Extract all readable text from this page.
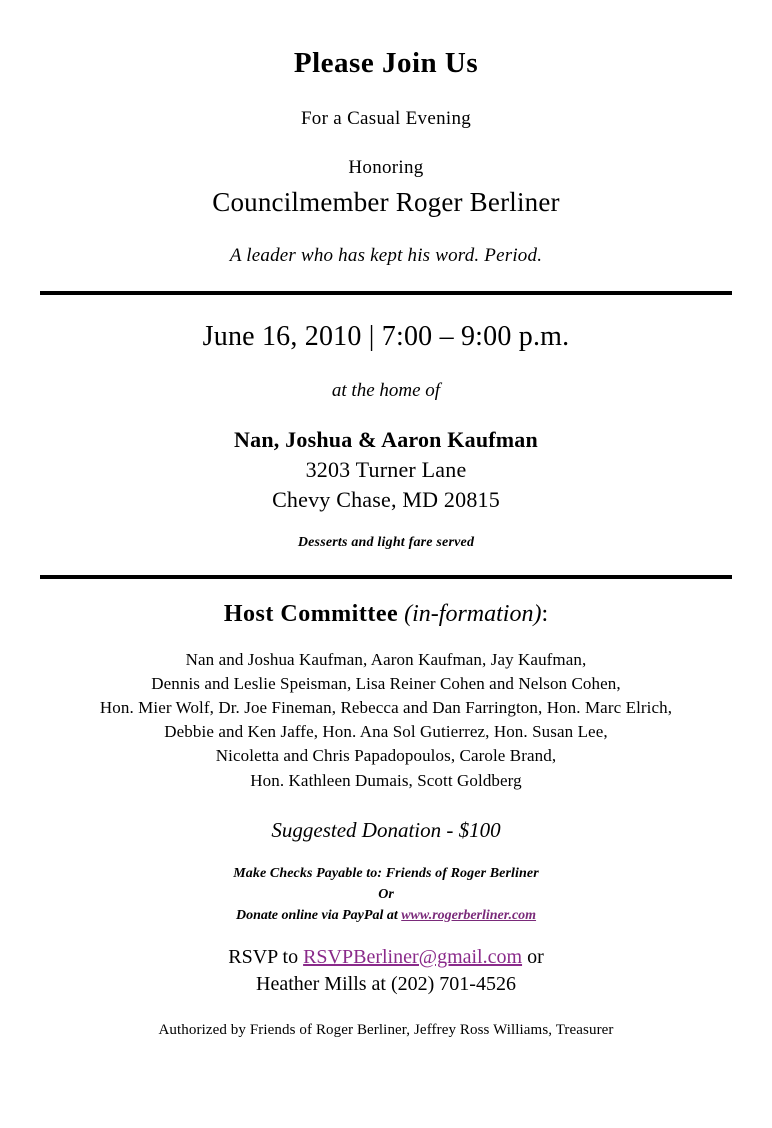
Please Join Us
For a Casual Evening
Honoring
Councilmember Roger Berliner
A leader who has kept his word. Period.
June 16, 2010 | 7:00 – 9:00 p.m.
at the home of
Nan, Joshua & Aaron Kaufman
3203 Turner Lane
Chevy Chase, MD 20815
Desserts and light fare served
Host Committee (in-formation):
Nan and Joshua Kaufman, Aaron Kaufman, Jay Kaufman,
Dennis and Leslie Speisman, Lisa Reiner Cohen and Nelson Cohen,
Hon. Mier Wolf, Dr. Joe Fineman, Rebecca and Dan Farrington, Hon. Marc Elrich,
Debbie and Ken Jaffe, Hon. Ana Sol Gutierrez, Hon. Susan Lee,
Nicoletta and Chris Papadopoulos, Carole Brand,
Hon. Kathleen Dumais, Scott Goldberg
Suggested Donation - $100
Make Checks Payable to: Friends of Roger Berliner
Or
Donate online via PayPal at www.rogerberliner.com
RSVP to RSVPBerliner@gmail.com or
Heather Mills at (202) 701-4526
Authorized by Friends of Roger Berliner, Jeffrey Ross Williams, Treasurer
